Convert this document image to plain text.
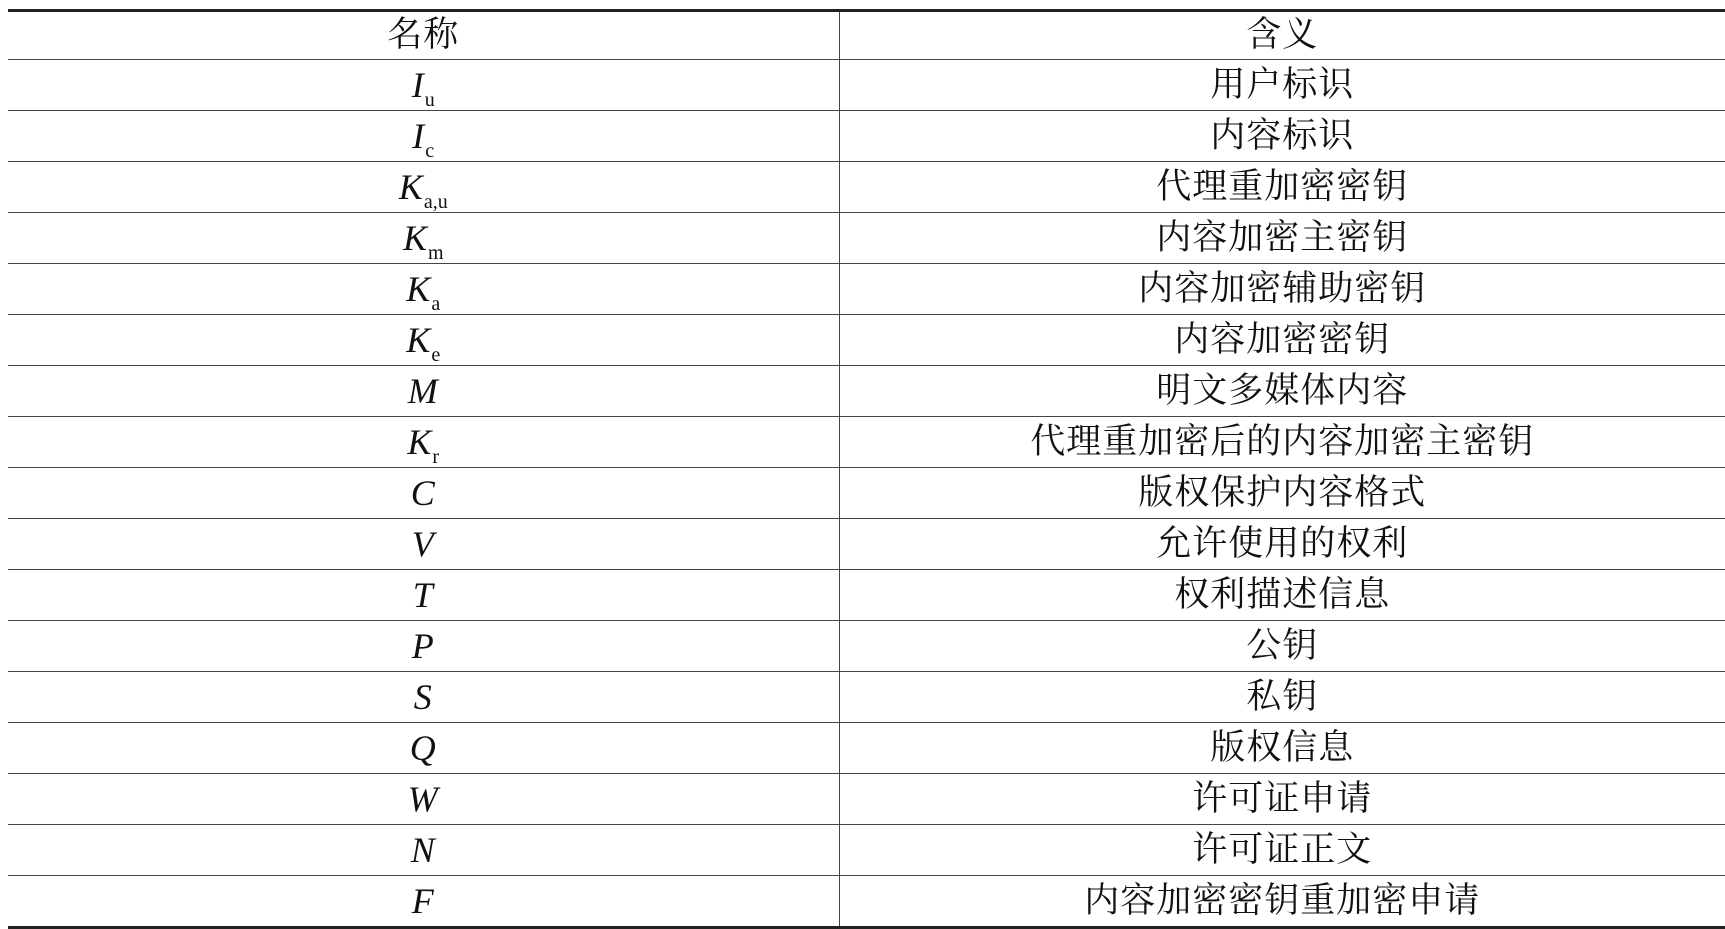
名称	含义
$I_u$	用户标识
$I_c$	内容标识
$K_{a,u}$	代理重加密密钥
$K_m$	内容加密主密钥
$K_a$	内容加密辅助密钥
$K_e$	内容加密密钥
M	明文多媒体内容
$K_r$	代理重加密后的内容加密主密钥
C	版权保护内容格式
V	允许使用的权利
T	权利描述信息
P	公钥
S	私钥
Q	版权信息
W	许可证申请
N	许可证正文
F	内容加密密钥重加密申请
